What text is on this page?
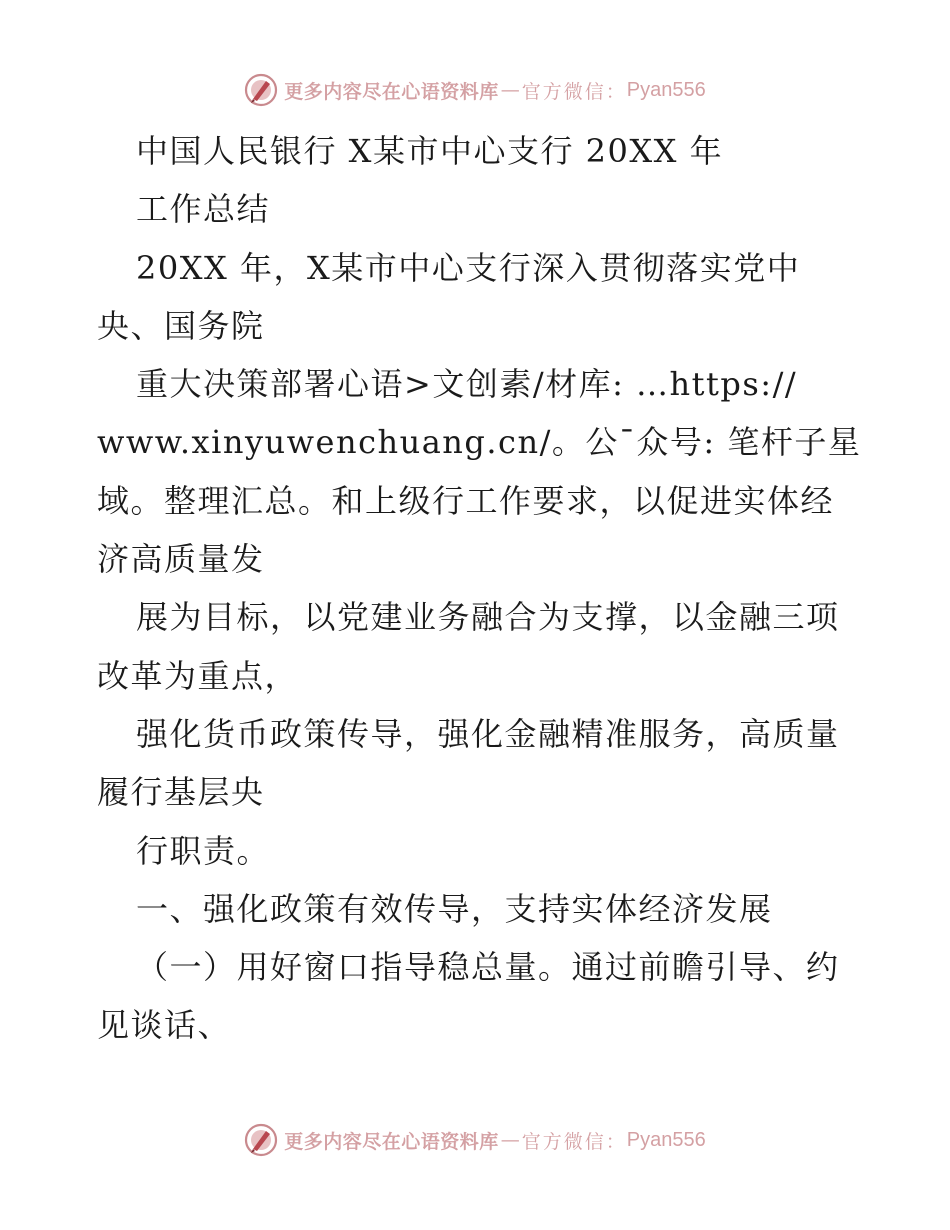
更多内容尽在心语资料库 — 官方微信： Pyan556
中国人民银行 X某市中心支行 20XX 年
工作总结
20XX 年，X某市中心支行深入贯彻落实党中
央、国务院
重大决策部署心语>文创素/材库: …https://
www.xinyuwenchuang.cn/。公¯众号: 笔杆子星
域。整理汇总。和上级行工作要求，以促进实体经
济高质量发
展为目标，以党建业务融合为支撑，以金融三项
改革为重点，
强化货币政策传导，强化金融精准服务，高质量
履行基层央
行职责。
一、强化政策有效传导，支持实体经济发展
（一）用好窗口指导稳总量。通过前瞻引导、约
见谈话、
更多内容尽在心语资料库 — 官方微信： Pyan556
